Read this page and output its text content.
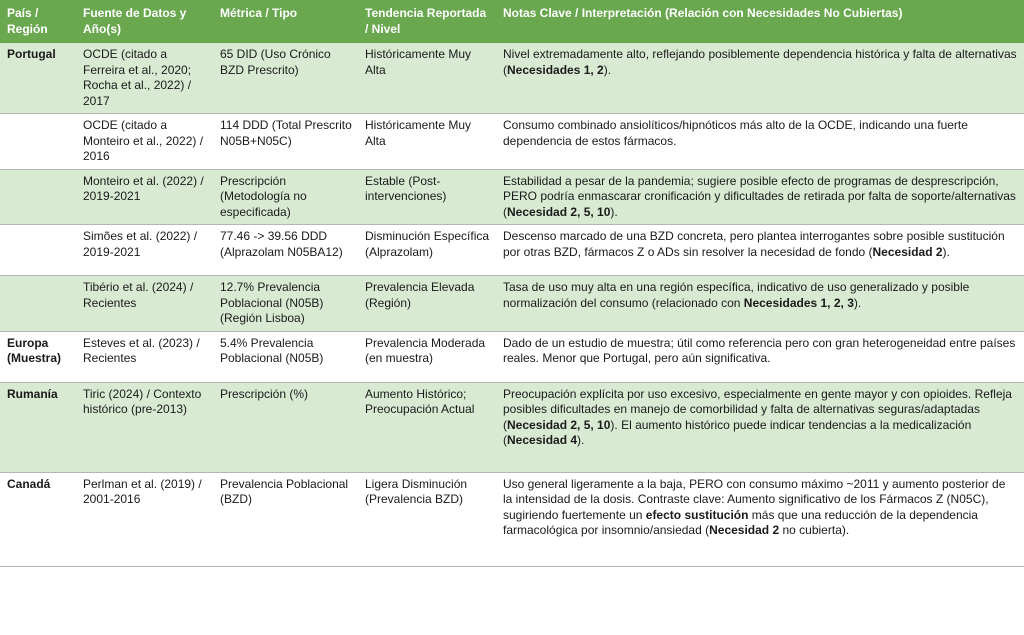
País / Región	Fuente de Datos y Año(s)	Métrica / Tipo	Tendencia Reportada / Nivel	Notas Clave / Interpretación (Relación con Necesidades No Cubiertas)
Portugal	OCDE (citado a Ferreira et al., 2020; Rocha et al., 2022) / 2017	65 DID (Uso Crónico BZD Prescrito)	Históricamente Muy Alta	Nivel extremadamente alto, reflejando posiblemente dependencia histórica y falta de alternativas (Necesidades 1, 2).
	OCDE (citado a Monteiro et al., 2022) / 2016	114 DDD (Total Prescrito N05B+N05C)	Históricamente Muy Alta	Consumo combinado ansiolíticos/hipnóticos más alto de la OCDE, indicando una fuerte dependencia de estos fármacos.
	Monteiro et al. (2022) / 2019-2021	Prescripción (Metodología no especificada)	Estable (Post-intervenciones)	Estabilidad a pesar de la pandemia; sugiere posible efecto de programas de desprescripción, PERO podría enmascarar cronificación y dificultades de retirada por falta de soporte/alternativas (Necesidad 2, 5, 10).
	Simões et al. (2022) / 2019-2021	77.46 -> 39.56 DDD (Alprazolam N05BA12)	Disminución Específica (Alprazolam)	Descenso marcado de una BZD concreta, pero plantea interrogantes sobre posible sustitución por otras BZD, fármacos Z o ADs sin resolver la necesidad de fondo (Necesidad 2).
	Tibério et al. (2024) / Recientes	12.7% Prevalencia Poblacional (N05B) (Región Lisboa)	Prevalencia Elevada (Región)	Tasa de uso muy alta en una región específica, indicativo de uso generalizado y posible normalización del consumo (relacionado con Necesidades 1, 2, 3).
Europa (Muestra)	Esteves et al. (2023) / Recientes	5.4% Prevalencia Poblacional (N05B)	Prevalencia Moderada (en muestra)	Dado de un estudio de muestra; útil como referencia pero con gran heterogeneidad entre países reales. Menor que Portugal, pero aún significativa.
Rumanía	Tiric (2024) / Contexto histórico (pre-2013)	Prescripción (%)	Aumento Histórico; Preocupación Actual	Preocupación explícita por uso excesivo, especialmente en gente mayor y con opioides. Refleja posibles dificultades en manejo de comorbilidad y falta de alternativas seguras/adaptadas (Necesidad 2, 5, 10). El aumento histórico puede indicar tendencias a la medicalización (Necesidad 4).
Canadá	Perlman et al. (2019) / 2001-2016	Prevalencia Poblacional (BZD)	Ligera Disminución (Prevalencia BZD)	Uso general ligeramente a la baja, PERO con consumo máximo ~2011 y aumento posterior de la intensidad de la dosis. Contraste clave: Aumento significativo de los Fármacos Z (N05C), sugiriendo fuertemente un efecto sustitución más que una reducción de la dependencia farmacológica por insomnio/ansiedad (Necesidad 2 no cubierta).
